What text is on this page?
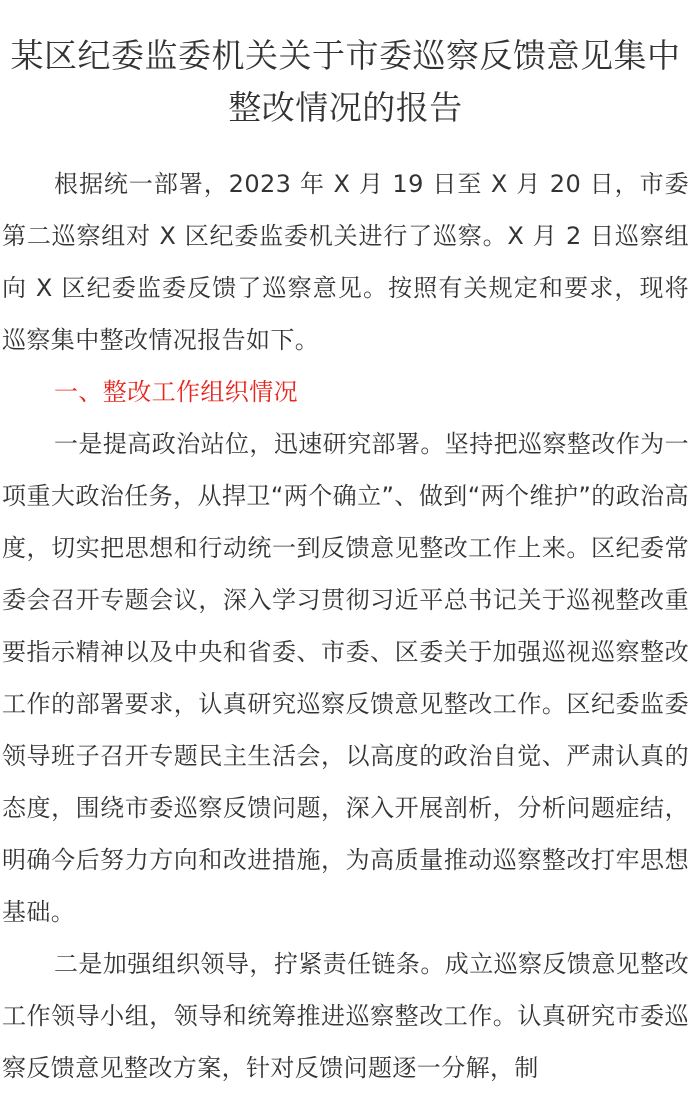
某区纪委监委机关关于市委巡察反馈意见集中整改情况的报告

根据统一部署，2023 年 X 月 19 日至 X 月 20 日，市委第二巡察组对 X 区纪委监委机关进行了巡察。X 月 2 日巡察组向 X 区纪委监委反馈了巡察意见。按照有关规定和要求，现将巡察集中整改情况报告如下。

一、整改工作组织情况

一是提高政治站位，迅速研究部署。坚持把巡察整改作为一项重大政治任务，从捍卫“两个确立”、做到“两个维护”的政治高度，切实把思想和行动统一到反馈意见整改工作上来。区纪委常委会召开专题会议，深入学习贯彻习近平总书记关于巡视整改重要指示精神以及中央和省委、市委、区委关于加强巡视巡察整改工作的部署要求，认真研究巡察反馈意见整改工作。区纪委监委领导班子召开专题民主生活会，以高度的政治自觉、严肃认真的态度，围绕市委巡察反馈问题，深入开展剖析，分析问题症结，明确今后努力方向和改进措施，为高质量推动巡察整改打牢思想基础。

二是加强组织领导，拧紧责任链条。成立巡察反馈意见整改工作领导小组，领导和统筹推进巡察整改工作。认真研究市委巡察反馈意见整改方案，针对反馈问题逐一分解，制
